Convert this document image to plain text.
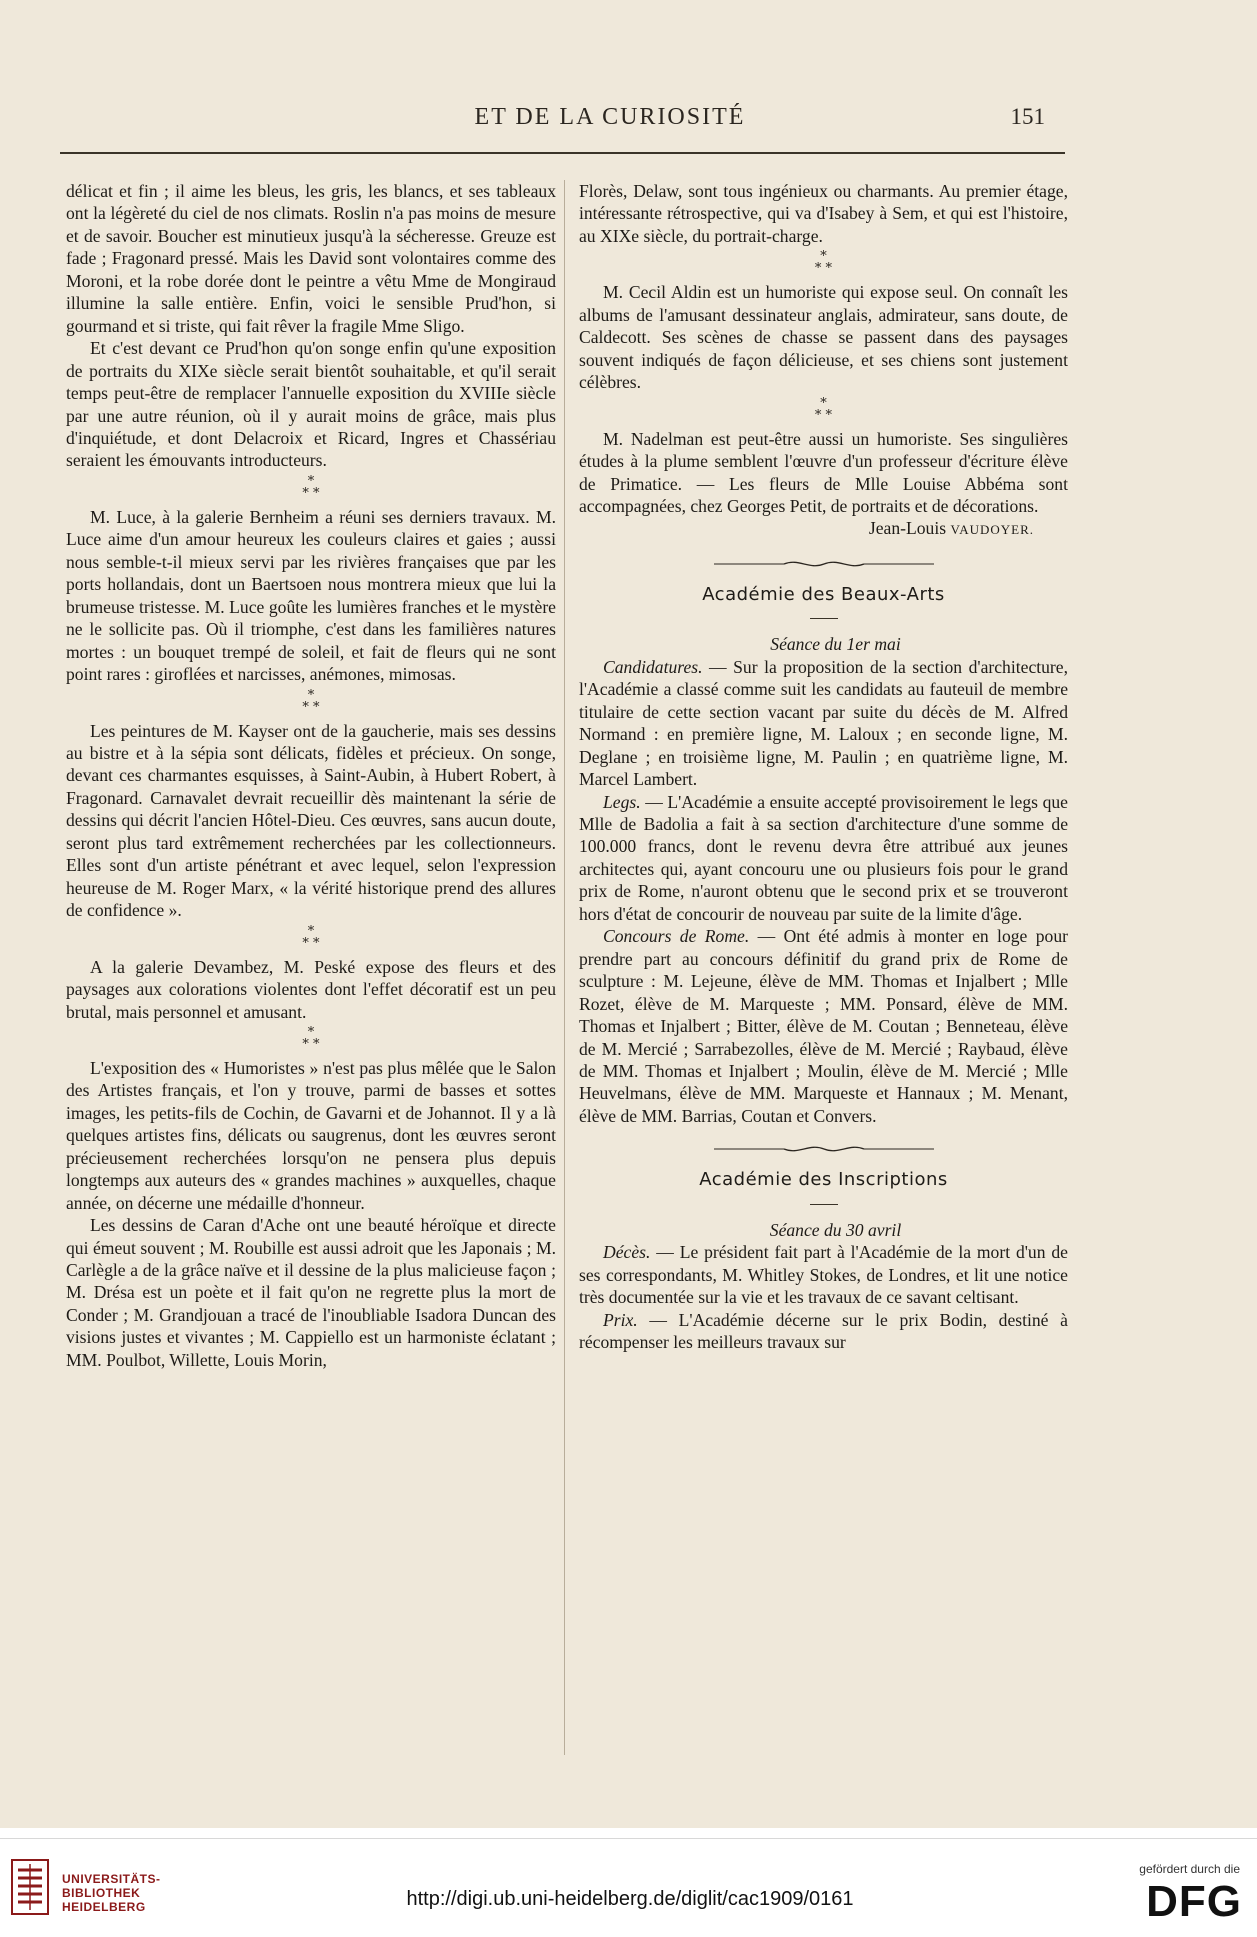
ET DE LA CURIOSITÉ	151

délicat et fin ; il aime les bleus, les gris, les blancs, et ses tableaux ont la légèreté du ciel de nos climats. Roslin n'a pas moins de mesure et de savoir. Boucher est minutieux jusqu'à la sécheresse. Greuze est fade ; Fragonard pressé. Mais les David sont volontaires comme des Moroni, et la robe dorée dont le peintre a vêtu Mme de Mongiraud illumine la salle entière. Enfin, voici le sensible Prud'hon, si gourmand et si triste, qui fait rêver la fragile Mme Sligo.

Et c'est devant ce Prud'hon qu'on songe enfin qu'une exposition de portraits du XIXe siècle serait bientôt souhaitable, et qu'il serait temps peut-être de remplacer l'annuelle exposition du XVIIIe siècle par une autre réunion, où il y aurait moins de grâce, mais plus d'inquiétude, et dont Delacroix et Ricard, Ingres et Chassériau seraient les émouvants introducteurs.

*
* *

M. Luce, à la galerie Bernheim a réuni ses derniers travaux. M. Luce aime d'un amour heureux les couleurs claires et gaies ; aussi nous semble-t-il mieux servi par les rivières françaises que par les ports hollandais, dont un Baertsoen nous montrera mieux que lui la brumeuse tristesse. M. Luce goûte les lumières franches et le mystère ne le sollicite pas. Où il triomphe, c'est dans les familières natures mortes : un bouquet trempé de soleil, et fait de fleurs qui ne sont point rares : giroflées et narcisses, anémones, mimosas.

*
* *

Les peintures de M. Kayser ont de la gaucherie, mais ses dessins au bistre et à la sépia sont délicats, fidèles et précieux. On songe, devant ces charmantes esquisses, à Saint-Aubin, à Hubert Robert, à Fragonard. Carnavalet devrait recueillir dès maintenant la série de dessins qui décrit l'ancien Hôtel-Dieu. Ces œuvres, sans aucun doute, seront plus tard extrêmement recherchées par les collectionneurs. Elles sont d'un artiste pénétrant et avec lequel, selon l'expression heureuse de M. Roger Marx, « la vérité historique prend des allures de confidence ».

*
* *

A la galerie Devambez, M. Peské expose des fleurs et des paysages aux colorations violentes dont l'effet décoratif est un peu brutal, mais personnel et amusant.

*
* *

L'exposition des « Humoristes » n'est pas plus mêlée que le Salon des Artistes français, et l'on y trouve, parmi de basses et sottes images, les petits-fils de Cochin, de Gavarni et de Johannot. Il y a là quelques artistes fins, délicats ou saugrenus, dont les œuvres seront précieusement recherchées lorsqu'on ne pensera plus depuis longtemps aux auteurs des « grandes machines » auxquelles, chaque année, on décerne une médaille d'honneur.

Les dessins de Caran d'Ache ont une beauté héroïque et directe qui émeut souvent ; M. Roubille est aussi adroit que les Japonais ; M. Carlègle a de la grâce naïve et il dessine de la plus malicieuse façon ; M. Drésa est un poète et il fait qu'on ne regrette plus la mort de Conder ; M. Grandjouan a tracé de l'inoubliable Isadora Duncan des visions justes et vivantes ; M. Cappiello est un harmoniste éclatant ; MM. Poulbot, Willette, Louis Morin,

Florès, Delaw, sont tous ingénieux ou charmants. Au premier étage, intéressante rétrospective, qui va d'Isabey à Sem, et qui est l'histoire, au XIXe siècle, du portrait-charge.

*
* *

M. Cecil Aldin est un humoriste qui expose seul. On connaît les albums de l'amusant dessinateur anglais, admirateur, sans doute, de Caldecott. Ses scènes de chasse se passent dans des paysages souvent indiqués de façon délicieuse, et ses chiens sont justement célèbres.

*
* *

M. Nadelman est peut-être aussi un humoriste. Ses singulières études à la plume semblent l'œuvre d'un professeur d'écriture élève de Primatice. — Les fleurs de Mlle Louise Abbéma sont accompagnées, chez Georges Petit, de portraits et de décorations.

Jean-Louis VAUDOYER.

Académie des Beaux-Arts

Séance du 1er mai

Candidatures. — Sur la proposition de la section d'architecture, l'Académie a classé comme suit les candidats au fauteuil de membre titulaire de cette section vacant par suite du décès de M. Alfred Normand : en première ligne, M. Laloux ; en seconde ligne, M. Deglane ; en troisième ligne, M. Paulin ; en quatrième ligne, M. Marcel Lambert.

Legs. — L'Académie a ensuite accepté provisoirement le legs que Mlle de Badolia a fait à sa section d'architecture d'une somme de 100.000 francs, dont le revenu devra être attribué aux jeunes architectes qui, ayant concouru une ou plusieurs fois pour le grand prix de Rome, n'auront obtenu que le second prix et se trouveront hors d'état de concourir de nouveau par suite de la limite d'âge.

Concours de Rome. — Ont été admis à monter en loge pour prendre part au concours définitif du grand prix de Rome de sculpture : M. Lejeune, élève de MM. Thomas et Injalbert ; Mlle Rozet, élève de M. Marqueste ; MM. Ponsard, élève de MM. Thomas et Injalbert ; Bitter, élève de M. Coutan ; Benneteau, élève de M. Mercié ; Sarrabezolles, élève de M. Mercié ; Raybaud, élève de MM. Thomas et Injalbert ; Moulin, élève de M. Mercié ; Mlle Heuvelmans, élève de MM. Marqueste et Hannaux ; M. Menant, élève de MM. Barrias, Coutan et Convers.

Académie des Inscriptions

Séance du 30 avril

Décès. — Le président fait part à l'Académie de la mort d'un de ses correspondants, M. Whitley Stokes, de Londres, et lit une notice très documentée sur la vie et les travaux de ce savant celtisant.

Prix. — L'Académie décerne sur le prix Bodin, destiné à récompenser les meilleurs travaux sur

UNIVERSITÄTS-
BIBLIOTHEK
HEIDELBERG	http://digi.ub.uni-heidelberg.de/diglit/cac1909/0161
gefördert durch die
DFG
